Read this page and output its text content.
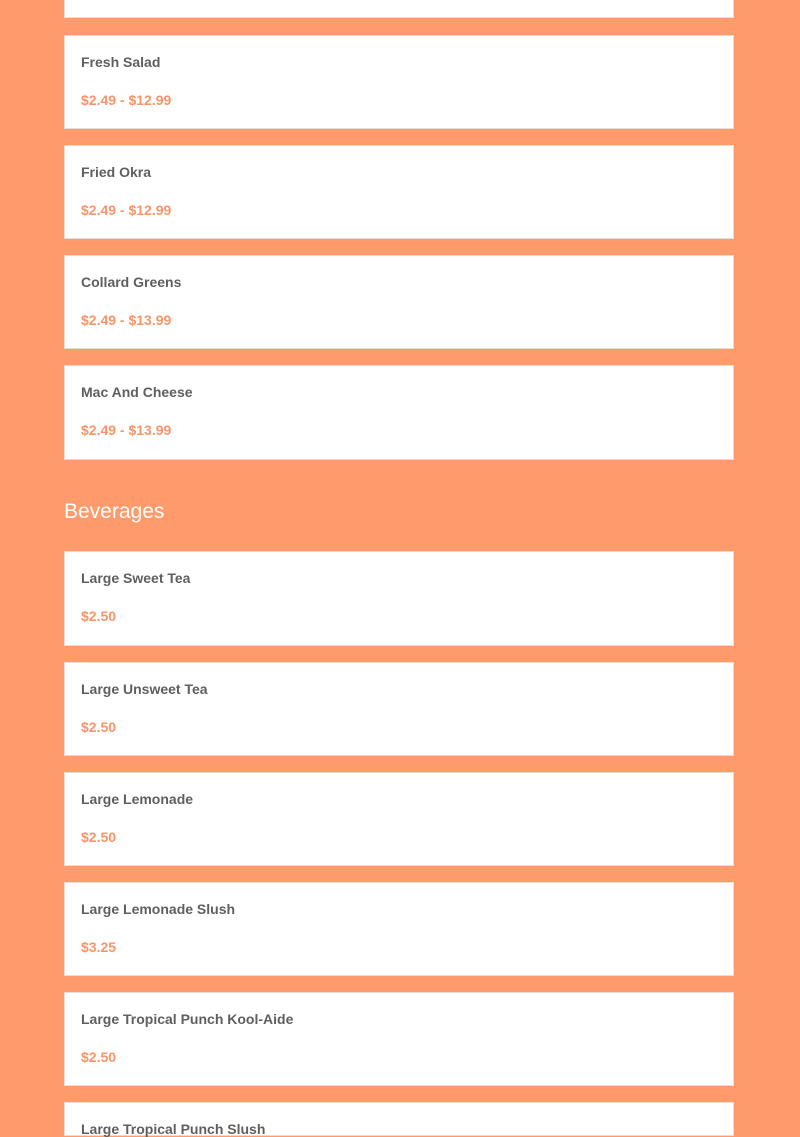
Fresh Salad
$2.49 - $12.99
Fried Okra
$2.49 - $12.99
Collard Greens
$2.49 - $13.99
Mac And Cheese
$2.49 - $13.99
Beverages
Large Sweet Tea
$2.50
Large Unsweet Tea
$2.50
Large Lemonade
$2.50
Large Lemonade Slush
$3.25
Large Tropical Punch Kool-Aide
$2.50
Large Tropical Punch Slush
